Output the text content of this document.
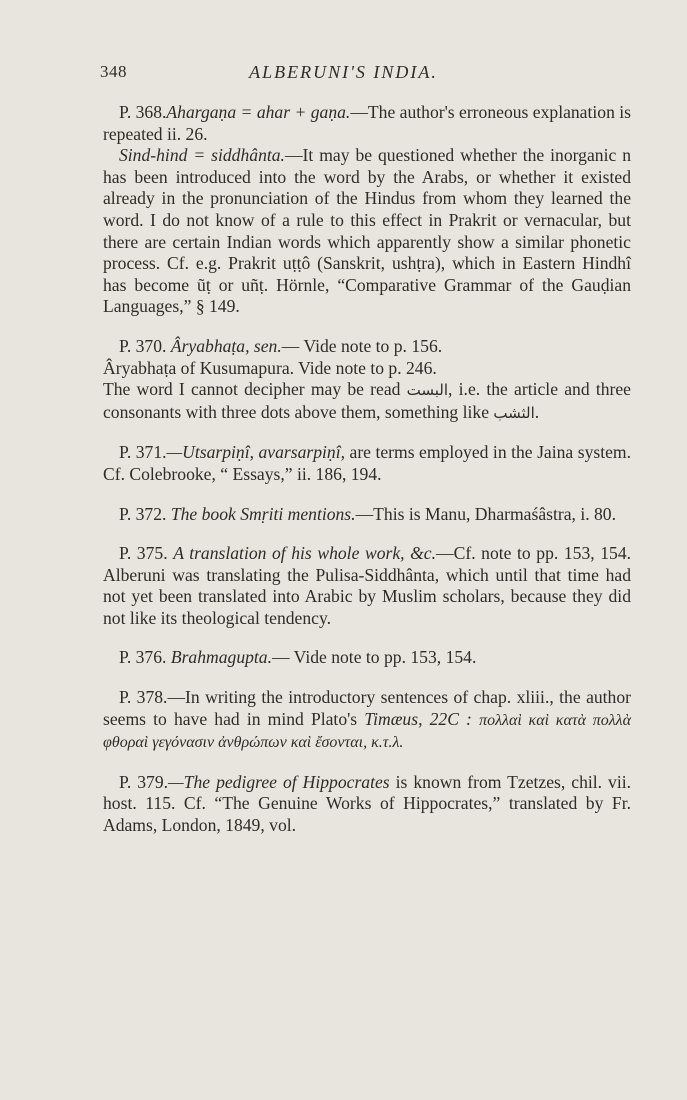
348	ALBERUNI'S INDIA.

P. 368.Ahargaṇa = ahar + gaṇa.—The author's erroneous explanation is repeated ii. 26.

Sind-hind = siddhânta.—It may be questioned whether the inorganic n has been introduced into the word by the Arabs, or whether it existed already in the pronunciation of the Hindus from whom they learned the word. I do not know of a rule to this effect in Prakrit or vernacular, but there are certain Indian words which apparently show a similar phonetic process. Cf. e.g. Prakrit uṭṭô (Sanskrit, ushṭra), which in Eastern Hindhî has become ũṭ or uñṭ. Hörnle, “Comparative Grammar of the Gauḍian Languages,” § 149.

P. 370. Âryabhaṭa, sen.— Vide note to p. 156.

Âryabhaṭa of Kusumapura. Vide note to p. 246.

The word I cannot decipher may be read البست, i.e. the article and three consonants with three dots above them, something like الثشب.

P. 371.—Utsarpiṇî, avarsarpiṇî, are terms employed in the Jaina system. Cf. Colebrooke, “ Essays,” ii. 186, 194.

P. 372. The book Smṛiti mentions.—This is Manu, Dharmaśâstra, i. 80.

P. 375. A translation of his whole work, &c.—Cf. note to pp. 153, 154. Alberuni was translating the Pulisa-Siddhânta, which until that time had not yet been translated into Arabic by Muslim scholars, because they did not like its theological tendency.

P. 376. Brahmagupta.— Vide note to pp. 153, 154.

P. 378.—In writing the introductory sentences of chap. xliii., the author seems to have had in mind Plato's Timæus, 22C : πολλαὶ καὶ κατὰ πολλὰ φθοραὶ γεγόνασιν ἀνθρώπων καὶ ἔσονται, κ.τ.λ.

P. 379.—The pedigree of Hippocrates is known from Tzetzes, chil. vii. host. 115. Cf. “The Genuine Works of Hippocrates,” translated by Fr. Adams, London, 1849, vol.
